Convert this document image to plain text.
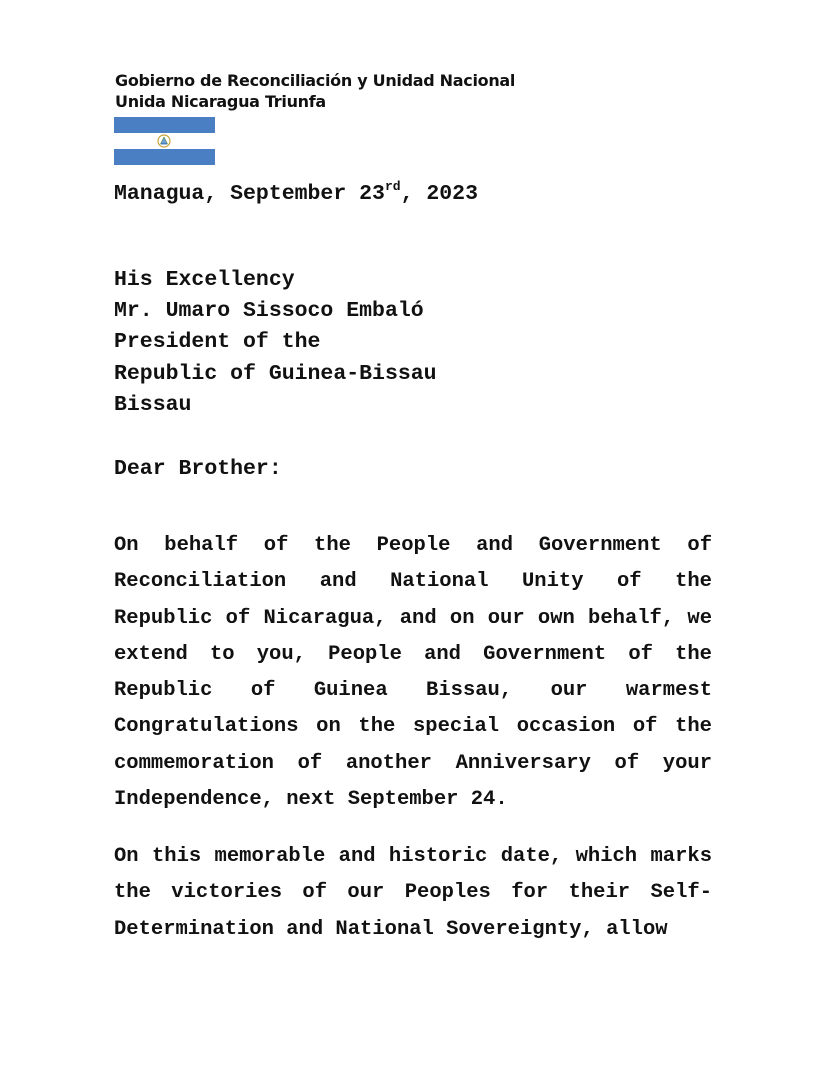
Gobierno de Reconciliación y Unidad Nacional
Unida Nicaragua Triunfa
Managua, September 23rd, 2023
His Excellency
Mr. Umaro Sissoco Embaló
President of the
Republic of Guinea-Bissau
Bissau
Dear Brother:
On behalf of the People and Government of Reconciliation and National Unity of the Republic of Nicaragua, and on our own behalf, we extend to you, People and Government of the Republic of Guinea Bissau, our warmest Congratulations on the special occasion of the commemoration of another Anniversary of your Independence, next September 24.
On this memorable and historic date, which marks the victories of our Peoples for their Self-Determination and National Sovereignty, allow
